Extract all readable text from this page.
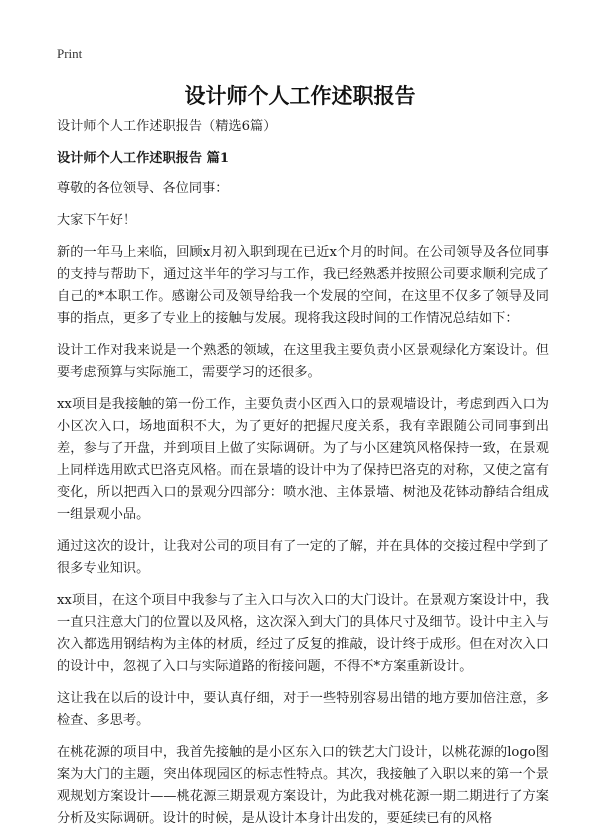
Print
设计师个人工作述职报告

设计师个人工作述职报告（精选6篇）

设计师个人工作述职报告 篇1

尊敬的各位领导、各位同事：

大家下午好！

新的一年马上来临，回顾x月初入职到现在已近x个月的时间。在公司领导及各位同事的支持与帮助下，通过这半年的学习与工作，我已经熟悉并按照公司要求顺利完成了自己的*本职工作。感谢公司及领导给我一个发展的空间，在这里不仅多了领导及同事的指点，更多了专业上的接触与发展。现将我这段时间的工作情况总结如下：

设计工作对我来说是一个熟悉的领域，在这里我主要负责小区景观绿化方案设计。但要考虑预算与实际施工，需要学习的还很多。

xx项目是我接触的第一份工作，主要负责小区西入口的景观墙设计，考虑到西入口为小区次入口，场地面积不大，为了更好的把握尺度关系，我有幸跟随公司同事到出差，参与了开盘，并到项目上做了实际调研。为了与小区建筑风格保持一致，在景观上同样选用欧式巴洛克风格。而在景墙的设计中为了保持巴洛克的对称，又使之富有变化，所以把西入口的景观分四部分：喷水池、主体景墙、树池及花钵动静结合组成一组景观小品。

通过这次的设计，让我对公司的项目有了一定的了解，并在具体的交接过程中学到了很多专业知识。

xx项目，在这个项目中我参与了主入口与次入口的大门设计。在景观方案设计中，我一直只注意大门的位置以及风格，这次深入到大门的具体尺寸及细节。设计中主入与次入都选用钢结构为主体的材质，经过了反复的推敲，设计终于成形。但在对次入口的设计中，忽视了入口与实际道路的衔接问题，不得不*方案重新设计。

这让我在以后的设计中，要认真仔细，对于一些特别容易出错的地方要加倍注意，多检查、多思考。

在桃花源的项目中，我首先接触的是小区东入口的铁艺大门设计，以桃花源的logo图案为大门的主题，突出体现园区的标志性特点。其次，我接触了入职以来的第一个景观规划方案设计——桃花源三期景观方案设计，为此我对桃花源一期二期进行了方案分析及实际调研。设计的时候，是从设计本身计出发的，要延续已有的风格
